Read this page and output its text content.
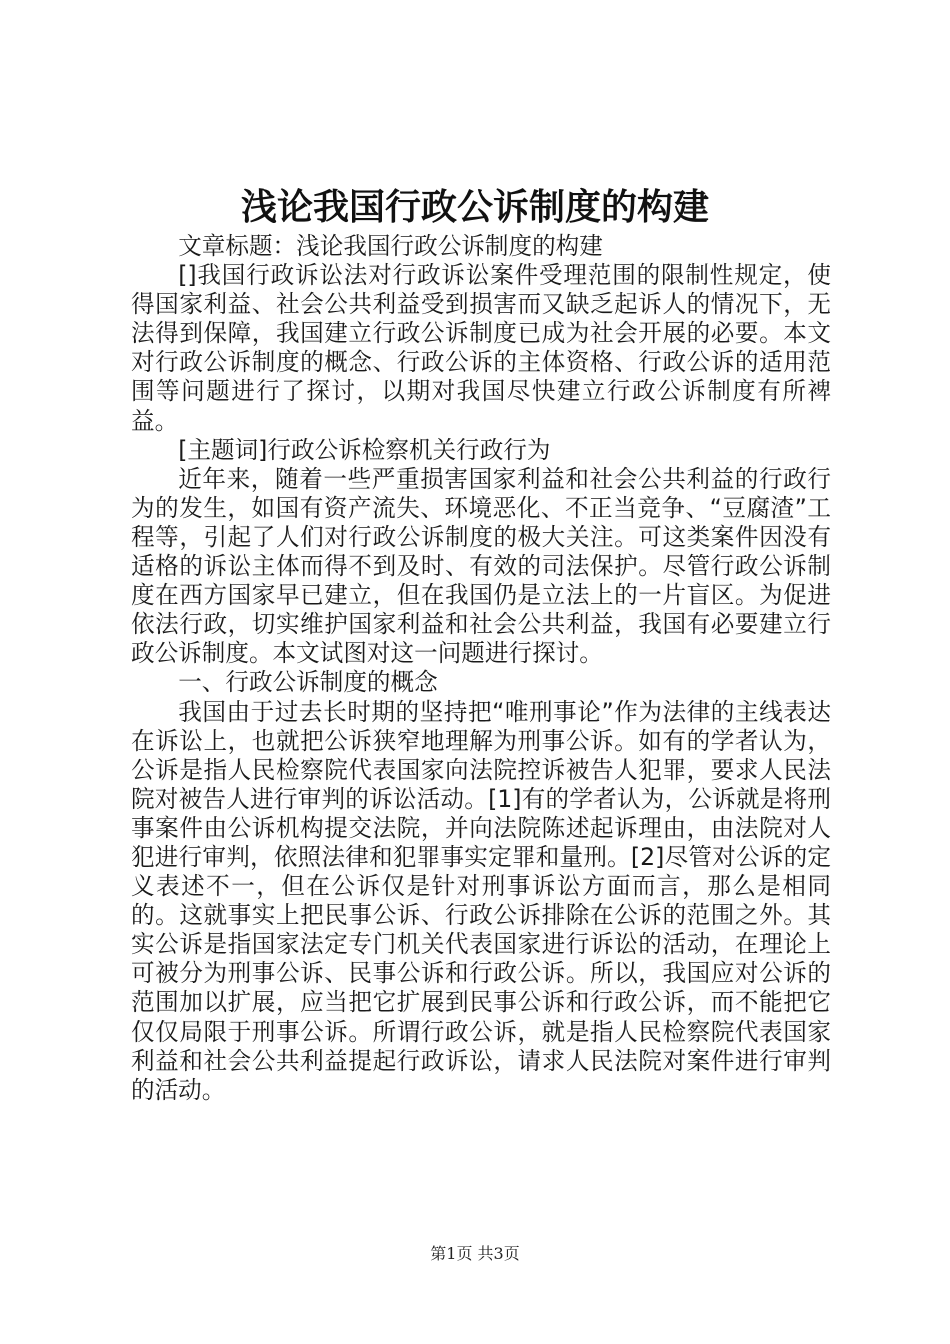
浅论我国行政公诉制度的构建

文章标题：浅论我国行政公诉制度的构建

[]我国行政诉讼法对行政诉讼案件受理范围的限制性规定，使得国家利益、社会公共利益受到损害而又缺乏起诉人的情况下，无法得到保障，我国建立行政公诉制度已成为社会开展的必要。本文对行政公诉制度的概念、行政公诉的主体资格、行政公诉的适用范围等问题进行了探讨，以期对我国尽快建立行政公诉制度有所裨益。

[主题词]行政公诉检察机关行政行为

近年来，随着一些严重损害国家利益和社会公共利益的行政行为的发生，如国有资产流失、环境恶化、不正当竞争、“豆腐渣”工程等，引起了人们对行政公诉制度的极大关注。可这类案件因没有适格的诉讼主体而得不到及时、有效的司法保护。尽管行政公诉制度在西方国家早已建立，但在我国仍是立法上的一片盲区。为促进依法行政，切实维护国家利益和社会公共利益，我国有必要建立行政公诉制度。本文试图对这一问题进行探讨。

一、行政公诉制度的概念

我国由于过去长时期的坚持把“唯刑事论”作为法律的主线表达在诉讼上，也就把公诉狭窄地理解为刑事公诉。如有的学者认为，公诉是指人民检察院代表国家向法院控诉被告人犯罪，要求人民法院对被告人进行审判的诉讼活动。[1]有的学者认为，公诉就是将刑事案件由公诉机构提交法院，并向法院陈述起诉理由，由法院对人犯进行审判，依照法律和犯罪事实定罪和量刑。[2]尽管对公诉的定义表述不一，但在公诉仅是针对刑事诉讼方面而言，那么是相同的。这就事实上把民事公诉、行政公诉排除在公诉的范围之外。其实公诉是指国家法定专门机关代表国家进行诉讼的活动，在理论上可被分为刑事公诉、民事公诉和行政公诉。所以，我国应对公诉的范围加以扩展，应当把它扩展到民事公诉和行政公诉，而不能把它仅仅局限于刑事公诉。所谓行政公诉，就是指人民检察院代表国家利益和社会公共利益提起行政诉讼，请求人民法院对案件进行审判的活动。

第1页 共3页
